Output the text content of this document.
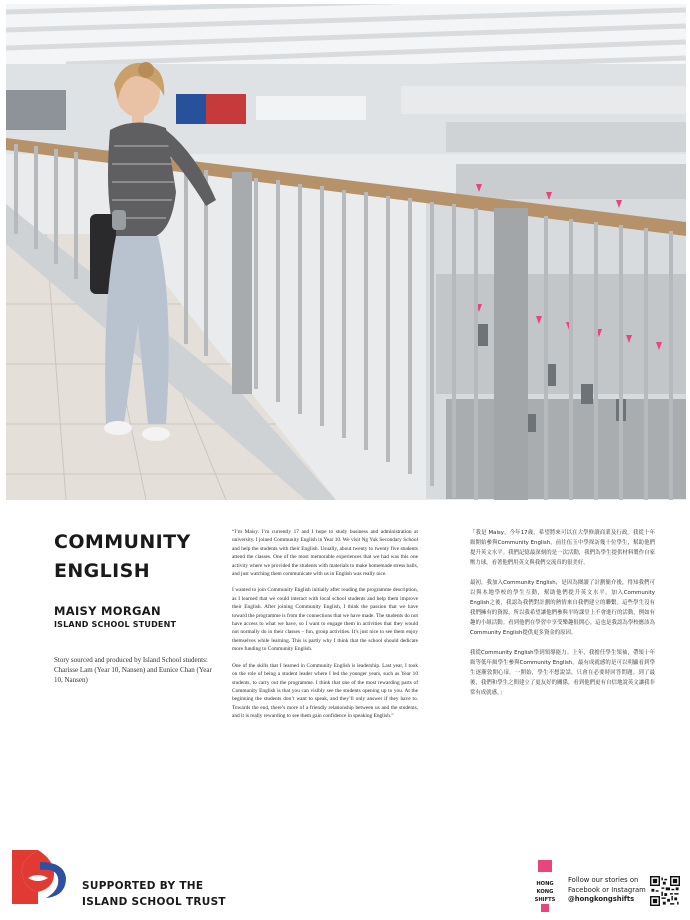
COMMUNITY
ENGLISH
MAISY MORGAN
ISLAND SCHOOL STUDENT

Story sourced and produced by Island School students: Charisse Lam (Year 10, Nansen) and Eunice Chan (Year 10, Nansen)

“I’m Maisy. I’m currently 17 and I hope to study business and administration at university. I joined Community English in Year 10. We visit Ng Yuk Secondary School and help the students with their English. Usually, about twenty to twenty five students attend the classes. One of the most memorable experiences that we had was this one activity where we provided the students with materials to make homemade stress balls, and just watching them communicate with us in English was really nice.

I wanted to join Community English initially after reading the programme description, as I learned that we could interact with local school students and help them improve their English. After joining Community English, I think the passion that we have toward the programme is from the connections that we have made. The students do not have access to what we have, so I want to engage them in activities that they would not normally do in their classes – fun, group activities. It’s just nice to see them enjoy themselves while learning. This is partly why I think that the school should dedicate more funding to Community English.

One of the skills that I learned in Community English is leadership. Last year, I took on the role of being a student leader where I led the younger years, such as Year 10 students, to carry out the programme. I think that one of the most rewarding parts of Community English is that you can visibly see the students opening up to you. At the beginning the students don’t want to speak, and they’ll only answer if they have to. Towards the end, there’s more of a friendly relationship between us and the students, and it is really rewarding to see them gain confidence in speaking English.”

「我是 Maisy，今年17歲，希望將來可以在大學修讀商業及行政。我從十年級開始參與Community English，前往伍玉中學探訪幾十位學生，幫助他們提升英文水平。我們記憶最深刻的是一次活動，我們為學生提供材料製作自家壓力球，看著他們用英文與我們交流真的很美好。

最初，我加入Community English，是因為閱讀了計劃簡介後，得知我們可以與本地學校的學生互動，幫助他們提升英文水平。加入Community English之後，我認為我們對計劃的熱情來自我們建立的聯繫。這些學生沒有我們擁有的資源，所以我希望讓他們參與平時課堂上不會進行的活動，例如有趣的小組活動。看到他們在學習中享受樂趣很開心。這也是我認為學校應該為Community English提供更多資金的原因。

我從Community English學到領導能力。上年，我擔任學生領袖，帶領十年級等低年級學生參與Community English。最有成就感的是可以明顯看到學生逐漸敦開心扉。一開始，學生不想說話，只會在必要時回答問題。到了最後，我們和學生之間建立了更友好的關係，看到他們更有自信地說英文讓我非常有成就感。」

SUPPORTED BY THE
ISLAND SCHOOL TRUST
HONG
KONG
SHIFTS
Follow our stories on
Facebook or Instagram
@hongkongshifts
